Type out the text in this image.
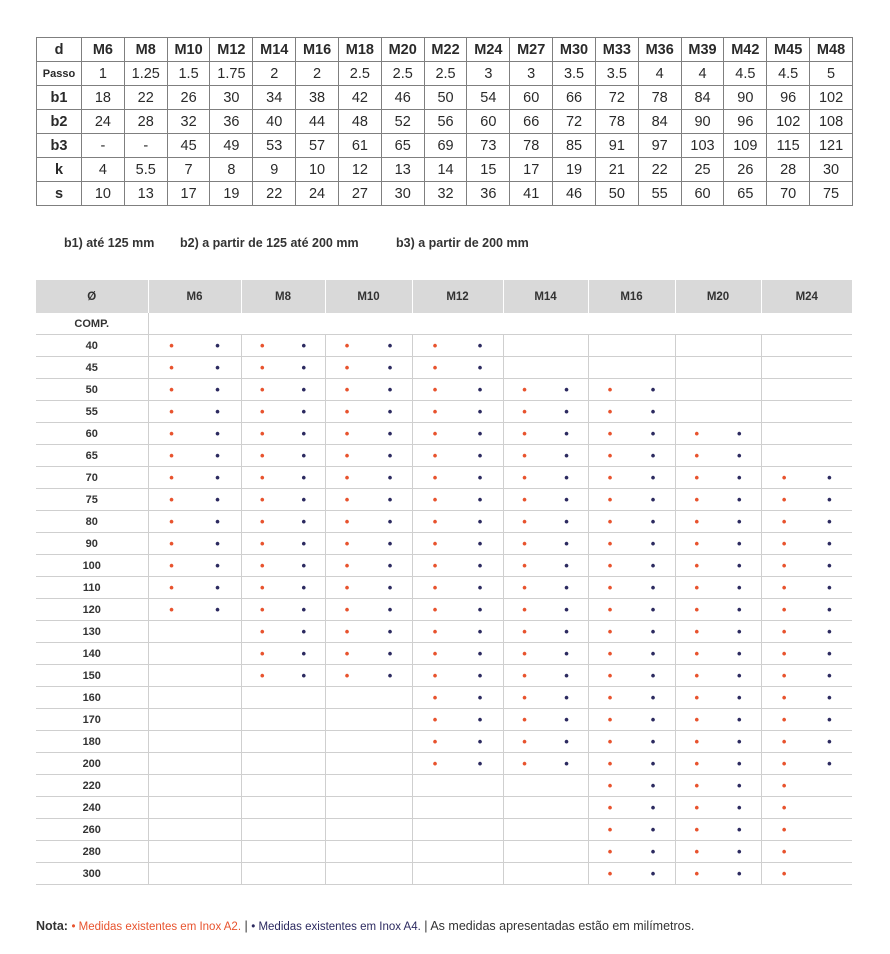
d	M6	M8	M10	M12	M14	M16	M18	M20	M22	M24	M27	M30	M33	M36	M39	M42	M45	M48
Passo	1	1.25	1.5	1.75	2	2	2.5	2.5	2.5	3	3	3.5	3.5	4	4	4.5	4.5	5
b1	18	22	26	30	34	38	42	46	50	54	60	66	72	78	84	90	96	102
b2	24	28	32	36	40	44	48	52	56	60	66	72	78	84	90	96	102	108
b3	-	-	45	49	53	57	61	65	69	73	78	85	91	97	103	109	115	121
k	4	5.5	7	8	9	10	12	13	14	15	17	19	21	22	25	26	28	30
s	10	13	17	19	22	24	27	30	32	36	41	46	50	55	60	65	70	75
b1) até 125 mm b2) a partir de 125 até 200 mm	b3) a partir de 200 mm
Ø	M6	M8	M10	M12	M14	M16	M20	M24
COMP.								
40	• •	• •	• •	• •				

45	• •	• •	• •	• •				

50	• •	• •	• •	• •	• •	• •		

55	• •	• •	• •	• •	• •	• •		

60	• •	• •	• •	• •	• •	• •	• •	

65	• •	• •	• •	• •	• •	• •	• •	

70	• •	• •	• •	• •	• •	• •	• •	• •

75	• •	• •	• •	• •	• •	• •	• •	• •

80	• •	• •	• •	• •	• •	• •	• •	• •

90	• •	• •	• •	• •	• •	• •	• •	• •

100	• •	• •	• •	• •	• •	• •	• •	• •

110	• •	• •	• •	• •	• •	• •	• •	• •

120	• •	• •	• •	• •	• •	• •	• •	• •

130		• •	• •	• •	• •	• •	• •	• •

140		• •	• •	• •	• •	• •	• •	• •

150		• •	• •	• •	• •	• •	• •	• •

160				• •	• •	• •	• •	• •

170				• •	• •	• •	• •	• •

180				• •	• •	• •	• •	• •

200				• •	• •	• •	• •	• •

220						• •	• •	•

240						• •	• •	•

260						• •	• •	•

280						• •	• •	•

300						• •	• •	•
Nota: • Medidas existentes em Inox A2. | • Medidas existentes em Inox A4. | As medidas apresentadas estão em milímetros.
